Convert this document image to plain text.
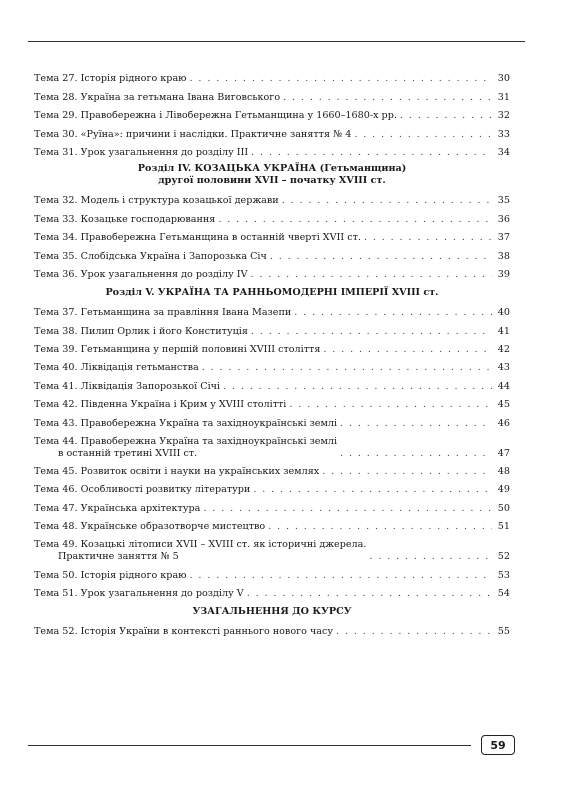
Тема 27. Історія рідного краю . . .	30
Тема 28. Україна за гетьмана Івана Виговського . . .	31
Тема 29. Правобережна і Лівобережна Гетьманщина у 1660–1680-х рр. . . .	32
Тема 30. «Руїна»: причини і наслідки. Практичне заняття № 4 . . .	33
Тема 31. Урок узагальнення до розділу ІІІ . . .	34
Розділ IV. КОЗАЦЬКА УКРАЇНА (Гетьманщина)
другої половини XVII – початку XVIII ст.
Тема 32. Модель і структура козацької держави . . .	35
Тема 33. Козацьке господарювання . . .	36
Тема 34. Правобережна Гетьманщина в останній чверті XVII ст. . . .	37
Тема 35. Слобідська Україна і Запорозька Січ . . .	38
Тема 36. Урок узагальнення до розділу IV . . .	39
Розділ V. УКРАЇНА ТА РАННЬОМОДЕРНІ ІМПЕРІЇ XVIII ст.
Тема 37. Гетьманщина за правління Івана Мазепи . . .	40
Тема 38. Пилип Орлик і його Конституція . . .	41
Тема 39. Гетьманщина у першій половині XVIII століття . . .	42
Тема 40. Ліквідація гетьманства . . .	43
Тема 41. Ліквідація Запорозької Січі . . .	44
Тема 42. Південна Україна і Крим у XVIII столітті . . .	45
Тема 43. Правобережна Україна та західноукраїнські землі . . .	46
Тема 44. Правобережна Україна та західноукраїнські землі
в останній третині XVIII ст. . . .	47
Тема 45. Розвиток освіти і науки на українських землях . . .	48
Тема 46. Особливості розвитку літератури . . .	49
Тема 47. Українська архітектура . . .	50
Тема 48. Українське образотворче мистецтво . . .	51
Тема 49. Козацькі літописи XVII – XVIII ст. як історичні джерела.
Практичне заняття № 5 . . .	52
Тема 50. Історія рідного краю . . .	53
Тема 51. Урок узагальнення до розділу V . . .	54
УЗАГАЛЬНЕННЯ ДО КУРСУ
Тема 52. Історія України в контексті раннього нового часу . . .	55
59
